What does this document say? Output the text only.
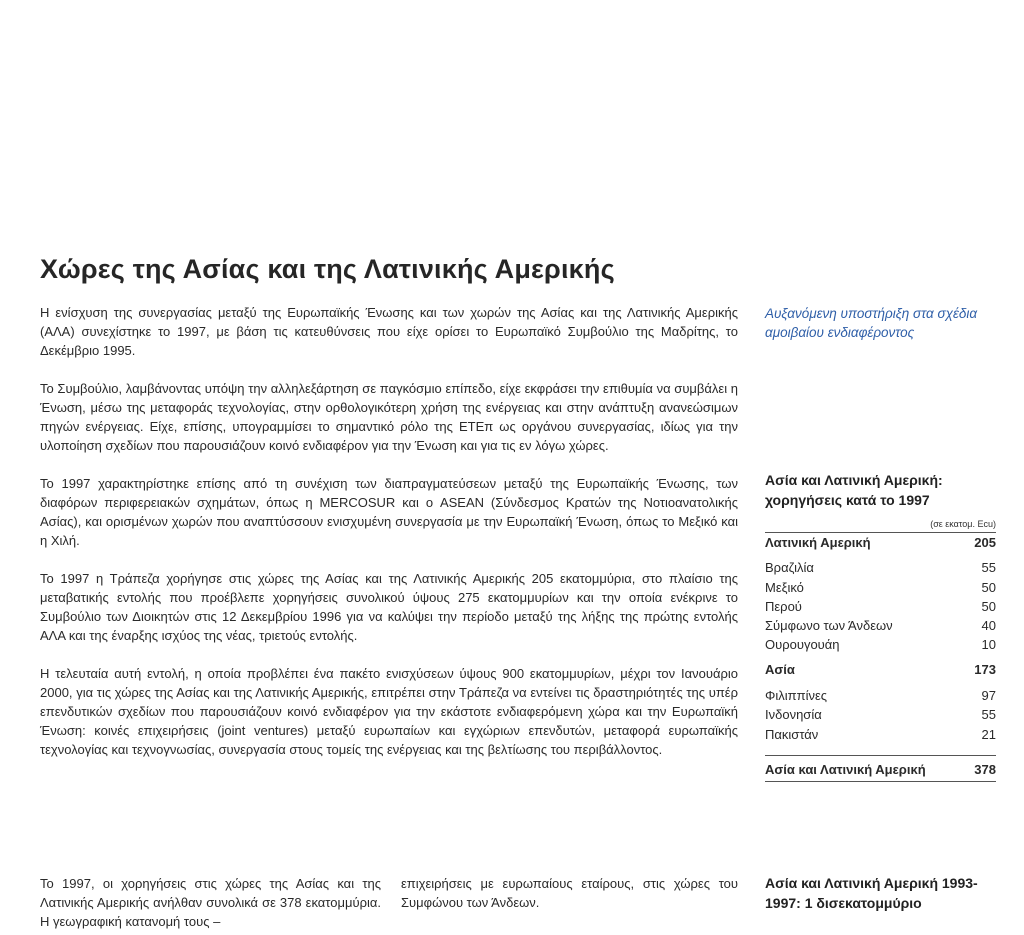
Χώρες της Ασίας και της Λατινικής Αμερικής

Η ενίσχυση της συνεργασίας μεταξύ της Ευρωπαϊκής Ένωσης και των χωρών της Ασίας και της Λατινικής Αμερικής (ΑΛΑ) συνεχίστηκε το 1997, με βάση τις κατευθύνσεις που είχε ορίσει το Ευρωπαϊκό Συμβούλιο της Μαδρίτης, το Δεκέμβριο 1995.

Το Συμβούλιο, λαμβάνοντας υπόψη την αλληλεξάρτηση σε παγκόσμιο επίπεδο, είχε εκφράσει την επιθυμία να συμβάλει η Ένωση, μέσω της μεταφοράς τεχνολογίας, στην ορθολογικότερη χρήση της ενέργειας και στην ανάπτυξη ανανεώσιμων πηγών ενέργειας. Είχε, επίσης, υπογραμμίσει το σημαντικό ρόλο της ΕΤΕπ ως οργάνου συνεργασίας, ιδίως για την υλοποίηση σχεδίων που παρουσιάζουν κοινό ενδιαφέρον για την Ένωση και για τις εν λόγω χώρες.

Το 1997 χαρακτηρίστηκε επίσης από τη συνέχιση των διαπραγματεύσεων μεταξύ της Ευρωπαϊκής Ένωσης, των διαφόρων περιφερειακών σχημάτων, όπως η MERCOSUR και ο ASEAN (Σύνδεσμος Κρατών της Νοτιοανατολικής Ασίας), και ορισμένων χωρών που αναπτύσσουν ενισχυμένη συνεργασία με την Ευρωπαϊκή Ένωση, όπως το Μεξικό και η Χιλή.

Το 1997 η Τράπεζα χορήγησε στις χώρες της Ασίας και της Λατινικής Αμερικής 205 εκατομμύρια, στο πλαίσιο της μεταβατικής εντολής που προέβλεπε χορηγήσεις συνολικού ύψους 275 εκατομμυρίων και την οποία ενέκρινε το Συμβούλιο των Διοικητών στις 12 Δεκεμβρίου 1996 για να καλύψει την περίοδο μεταξύ της λήξης της πρώτης εντολής ΑΛΑ και της έναρξης ισχύος της νέας, τριετούς εντολής.

Η τελευταία αυτή εντολή, η οποία προβλέπει ένα πακέτο ενισχύσεων ύψους 900 εκατομμυρίων, μέχρι τον Ιανουάριο 2000, για τις χώρες της Ασίας και της Λατινικής Αμερικής, επιτρέπει στην Τράπεζα να εντείνει τις δραστηριότητές της υπέρ επενδυτικών σχεδίων που παρουσιάζουν κοινό ενδιαφέρον για την εκάστοτε ενδιαφερόμενη χώρα και την Ευρωπαϊκή Ένωση: κοινές επιχειρήσεις (joint ventures) μεταξύ ευρωπαίων και εγχώριων επενδυτών, μεταφορά ευρωπαϊκής τεχνολογίας και τεχνογνωσίας, συνεργασία στους τομείς της ενέργειας και της βελτίωσης του περιβάλλοντος.

Αυξανόμενη υποστήριξη στα σχέδια αμοιβαίου ενδιαφέροντος

Ασία και Λατινική Αμερική: χορηγήσεις κατά το 1997

(σε εκατομ. Ecu)
Λατινική Αμερική	205
Βραζιλία	55
Μεξικό	50
Περού	50
Σύμφωνο των Άνδεων	40
Ουρουγουάη	10
Ασία	173
Φιλιππίνες	97
Ινδονησία	55
Πακιστάν	21
Ασία και Λατινική Αμερική	378

Το 1997, οι χορηγήσεις στις χώρες της Ασίας και της Λατινικής Αμερικής ανήλθαν συνολικά σε 378 εκατομμύρια. Η γεωγραφική κατανομή τους –

επιχειρήσεις με ευρωπαίους εταίρους, στις χώρες του Συμφώνου των Άνδεων.

Ασία και Λατινική Αμερική 1993-1997: 1 δισεκατομμύριο
